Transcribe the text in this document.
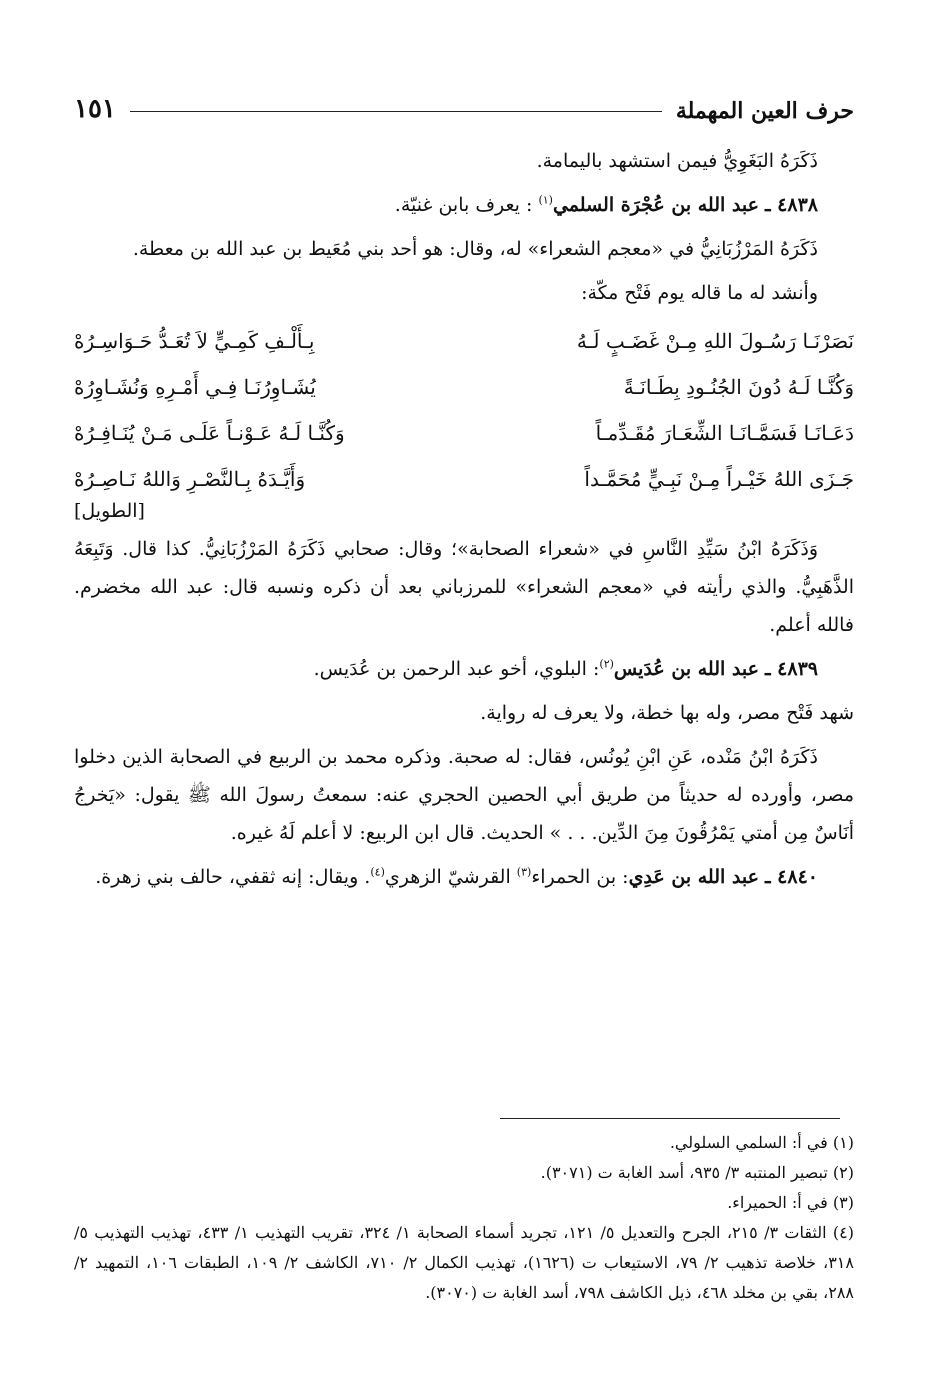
حرف العين المهملة
١٥١

ذَكَرَهُ البَغَوِيُّ فيمن استشهد باليمامة.

٤٨٣٨ ـ عبد الله بن عُجْرَة السلمي$^{(١)}$ : يعرف بابن غنيّة.

ذَكَرَهُ المَرْزُبَانِيُّ في «معجم الشعراء» له، وقال: هو أحد بني مُعَيط بن عبد الله بن معطة.

وأنشد له ما قاله يوم فَتْح مكّة:

نَصَرْنَـا رَسُـولَ اللهِ مِـنْ غَضَـبٍ لَـهُ
بِـأَلْـفِ كَمِـيٍّ لاَ تُعَـدُّ حَـوَاسِـرُهْ
وَكُنَّـا لَـهُ دُونَ الجُنُـودِ بِطَـانَـةً
يُشَـاوِرُنَـا فِـي أَمْـرِهِ وَنُشَـاوِرُهْ
دَعَـانَـا فَسَمَّـانَـا الشِّعَـارَ مُقَـدِّمـاً
وَكُنَّـا لَـهُ عَـوْنـاً عَلَـى مَـنْ يُنَـافِـرُهْ
جَـزَى اللهُ خَيْـراً مِـنْ نَبِـيٍّ مُحَمَّـداً
وَأَيَّـدَهُ بِـالنَّصْـرِ وَاللهُ نَـاصِـرُهْ
[الطويل]

وَذَكَرَهُ ابْنُ سَيِّدِ النَّاسِ في «شعراء الصحابة»؛ وقال: صحابي ذَكَرَهُ المَرْزُبَانِيُّ. كذا قال. وَتَبِعَهُ الذَّهَبِيُّ. والذي رأيته في «معجم الشعراء» للمرزباني بعد أن ذكره ونسبه قال: عبد الله مخضرم. فالله أعلم.

٤٨٣٩ ـ عبد الله بن عُدَيس$^{(٢)}$: البلوي، أخو عبد الرحمن بن عُدَيس.

شهد فَتْح مصر، وله بها خطة، ولا يعرف له رواية.

ذَكَرَهُ ابْنُ مَنْده، عَنِ ابْنِ يُونُس، فقال: له صحبة. وذكره محمد بن الربيع في الصحابة الذين دخلوا مصر، وأورده له حديثاً من طريق أبي الحصين الحجري عنه: سمعتُ رسولَ الله ﷺ يقول: «يَخرجُ أنَاسٌ مِن أمتي يَمْرُقُونَ مِنَ الدِّين. . . » الحديث. قال ابن الربيع: لا أعلم لَهُ غيره.

٤٨٤٠ ـ عبد الله بن عَدِي: بن الحمراء$^{(٣)}$ القرشيّ الزهري$^{(٤)}$. ويقال: إنه ثقفي، حالف بني زهرة.

(١) في أ: السلمي السلولي.

(٢) تبصير المنتبه ٣/ ٩٣٥، أسد الغابة ت (٣٠٧١).

(٣) في أ: الحميراء.

(٤) الثقات ٣/ ٢١٥، الجرح والتعديل ٥/ ١٢١، تجريد أسماء الصحابة ١/ ٣٢٤، تقريب التهذيب ١/ ٤٣٣، تهذيب التهذيب ٥/ ٣١٨، خلاصة تذهيب ٢/ ٧٩، الاستيعاب ت (١٦٢٦)، تهذيب الكمال ٢/ ٧١٠، الكاشف ٢/ ١٠٩، الطبقات ١٠٦، التمهيد ٢/ ٢٨٨، بقي بن مخلد ٤٦٨، ذيل الكاشف ٧٩٨، أسد الغابة ت (٣٠٧٠).
